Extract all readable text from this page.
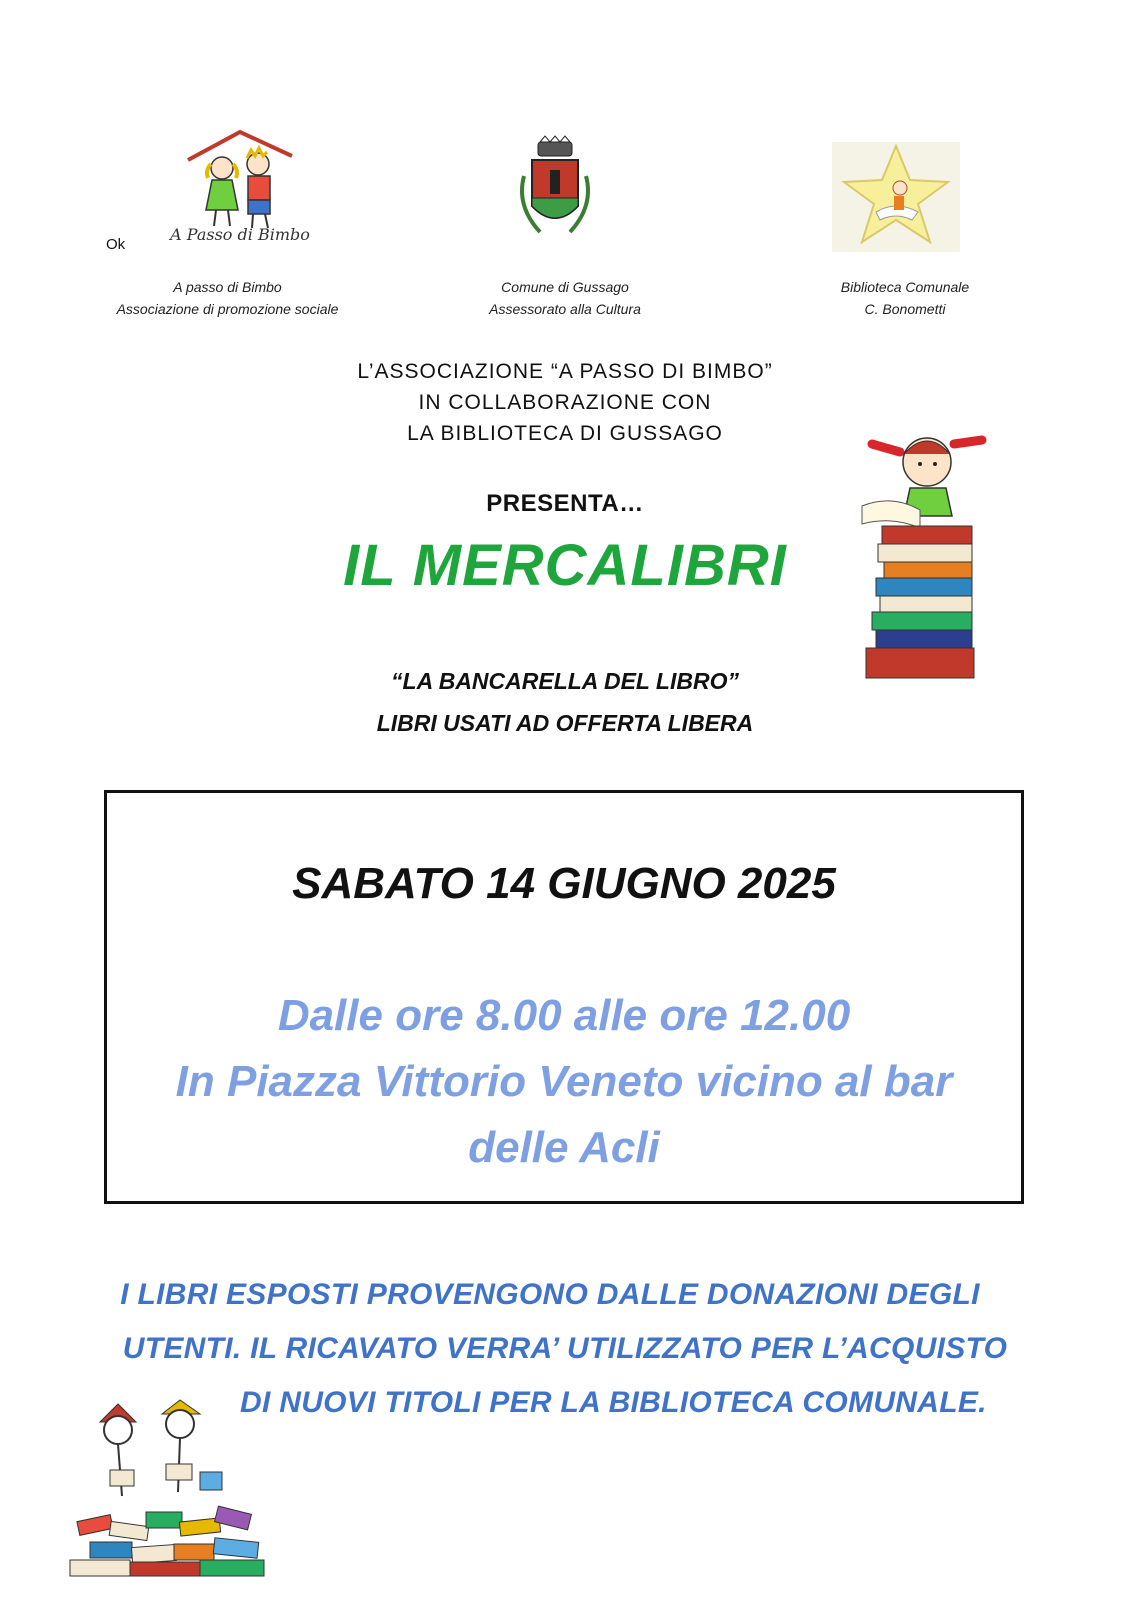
Ok
A Passo di Bimbo
A passo di Bimbo
Associazione di promozione sociale
Comune di Gussago
Assessorato alla Cultura
Biblioteca Comunale
C. Bonometti
L’ASSOCIAZIONE “A PASSO DI BIMBO”
IN COLLABORAZIONE CON
LA BIBLIOTECA DI GUSSAGO
PRESENTA…
IL MERCALIBRI
“LA BANCARELLA DEL LIBRO”
LIBRI USATI AD OFFERTA LIBERA
SABATO 14 GIUGNO 2025
Dalle ore 8.00 alle ore 12.00
In Piazza Vittorio Veneto vicino al bar
delle Acli
I LIBRI ESPOSTI PROVENGONO DALLE DONAZIONI DEGLI
UTENTI. IL RICAVATO VERRA’ UTILIZZATO PER L’ACQUISTO
DI NUOVI TITOLI PER LA BIBLIOTECA COMUNALE.
